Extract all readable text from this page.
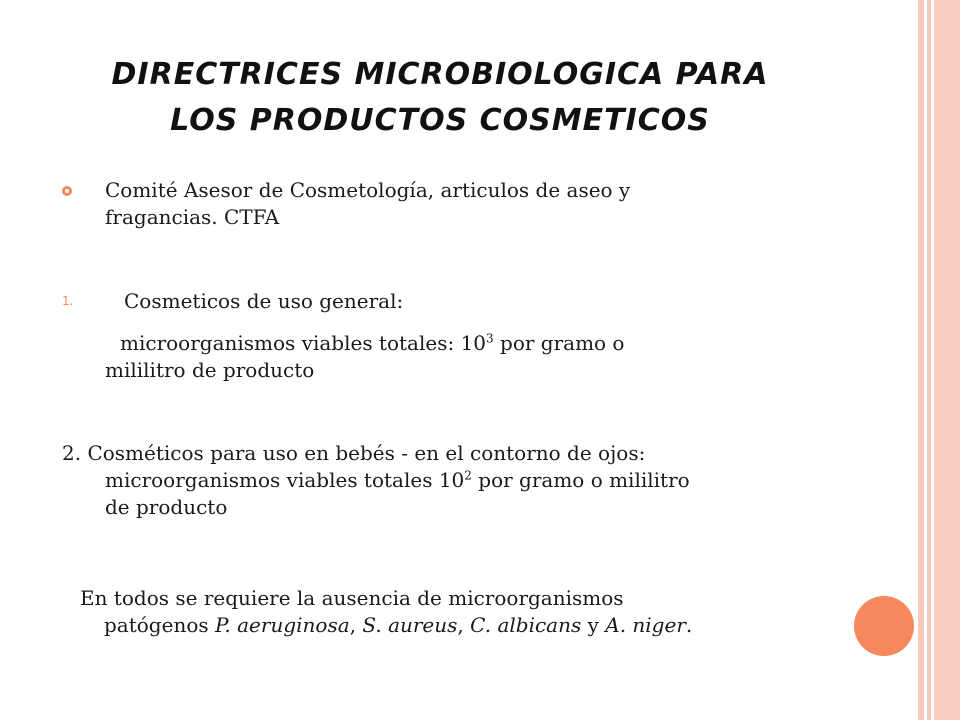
DIRECTRICES MICROBIOLOGICA PARA
LOS PRODUCTOS COSMETICOS

Comité Asesor de Cosmetología, articulos de aseo y
fragancias. CTFA

1.	Cosmeticos de uso general:

microorganismos viables totales: $10^3$ por gramo o
mililitro de producto

2. Cosméticos para uso en bebés - en el contorno de ojos:
microorganismos viables totales $10^2$ por gramo o mililitro
de producto

En todos se requiere la ausencia de microorganismos
patógenos P. aeruginosa, S. aureus, C. albicans y A. niger.
